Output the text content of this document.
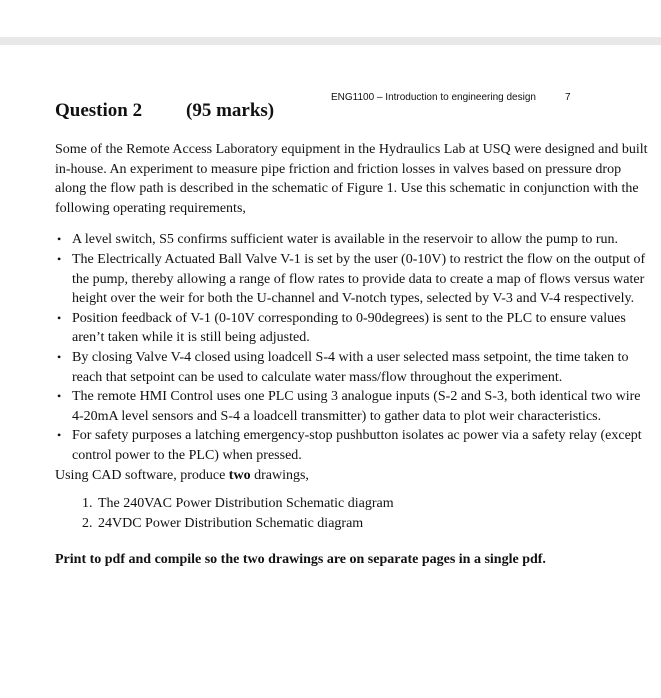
ENG1100 – Introduction to engineering design	7
Question 2 (95 marks)

Some of the Remote Access Laboratory equipment in the Hydraulics Lab at USQ were designed and built in-house. An experiment to measure pipe friction and friction losses in valves based on pressure drop along the flow path is described in the schematic of Figure 1. Use this schematic in conjunction with the following operating requirements,

• A level switch, S5 confirms sufficient water is available in the reservoir to allow the pump to run.
• The Electrically Actuated Ball Valve V-1 is set by the user (0-10V) to restrict the flow on the output of the pump, thereby allowing a range of flow rates to provide data to create a map of flows versus water height over the weir for both the U-channel and V-notch types, selected by V-3 and V-4 respectively.
• Position feedback of V-1 (0-10V corresponding to 0-90degrees) is sent to the PLC to ensure values aren’t taken while it is still being adjusted.
• By closing Valve V-4 closed using loadcell S-4 with a user selected mass setpoint, the time taken to reach that setpoint can be used to calculate water mass/flow throughout the experiment.
• The remote HMI Control uses one PLC using 3 analogue inputs (S-2 and S-3, both identical two wire 4-20mA level sensors and S-4 a loadcell transmitter) to gather data to plot weir characteristics.
• For safety purposes a latching emergency-stop pushbutton isolates ac power via a safety relay (except control power to the PLC) when pressed.

Using CAD software, produce two drawings,

1. The 240VAC Power Distribution Schematic diagram
2. 24VDC Power Distribution Schematic diagram

Print to pdf and compile so the two drawings are on separate pages in a single pdf.
